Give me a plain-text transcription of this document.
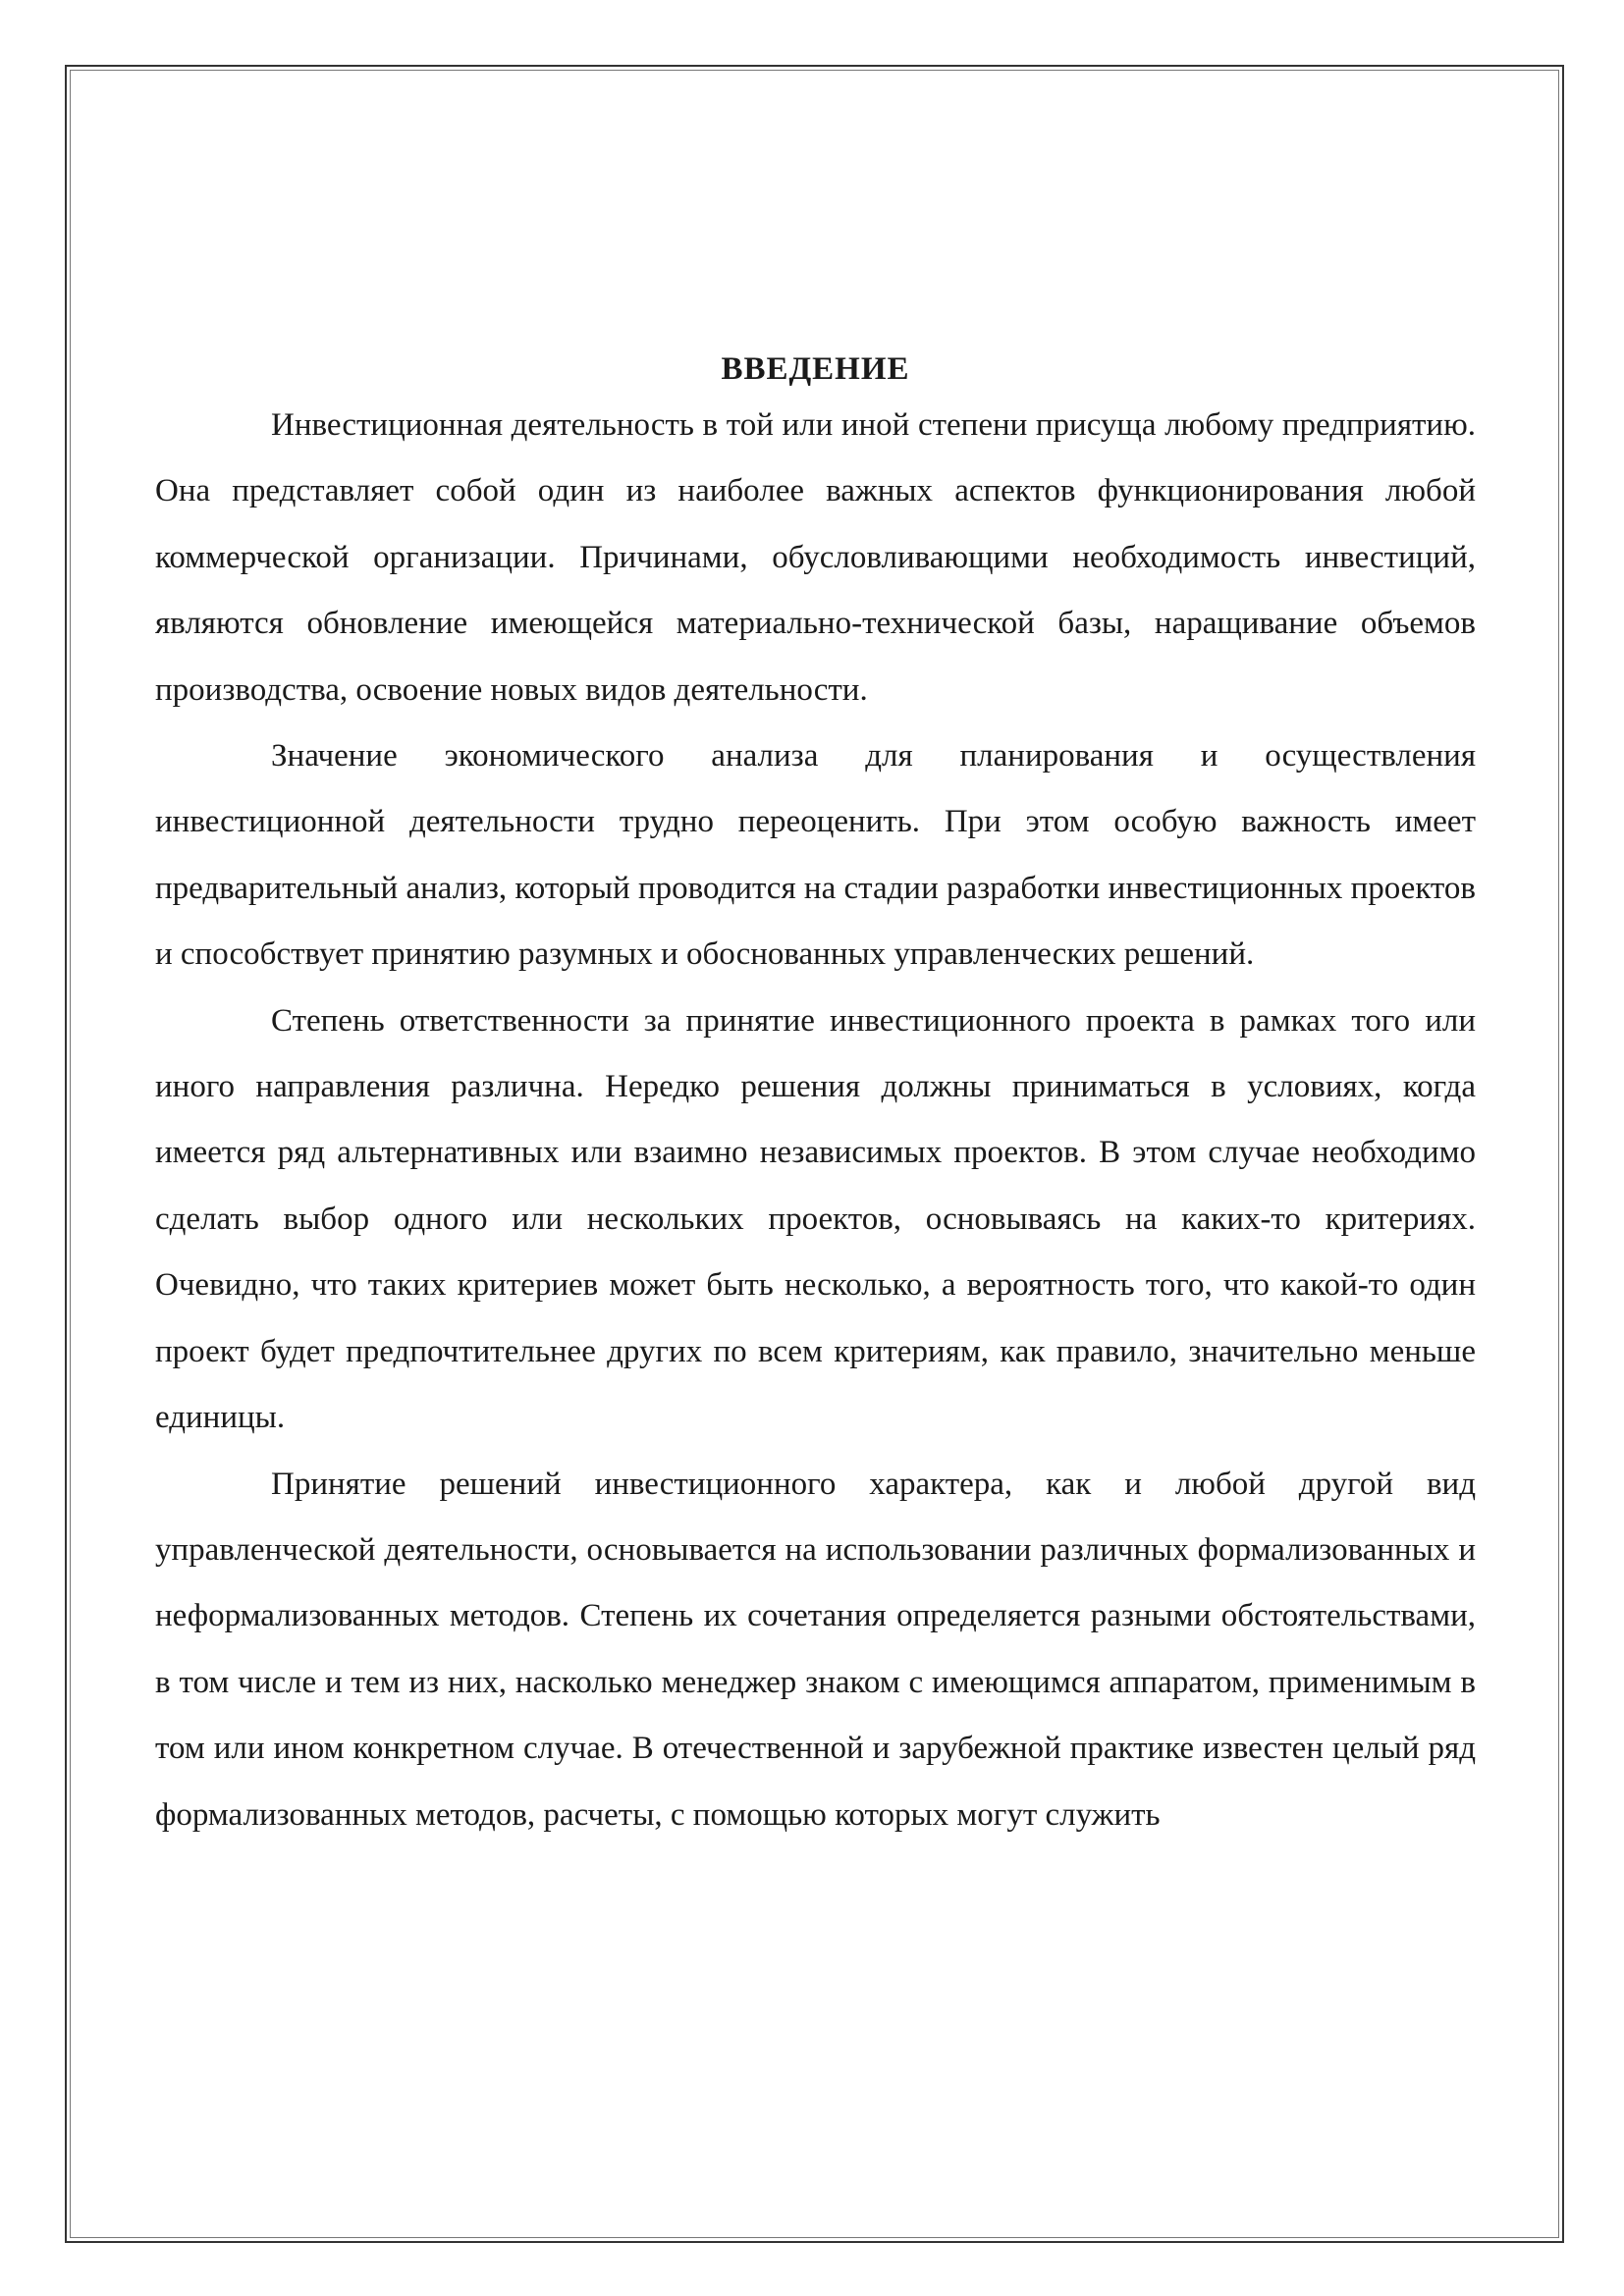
ВВЕДЕНИЕ

Инвестиционная деятельность в той или иной степени присуща любому предприятию. Она представляет собой один из наиболее важных аспектов функционирования любой коммерческой организации. Причинами, обусловливающими необходимость инвестиций, являются обновление имеющейся материально-технической базы, наращивание объемов производства, освоение новых видов деятельности.

Значение экономического анализа для планирования и осуществления инвестиционной деятельности трудно переоценить. При этом особую важность имеет предварительный анализ, который проводится на стадии разработки инвестиционных проектов и способствует принятию разумных и обоснованных управленческих решений.

Степень ответственности за принятие инвестиционного проекта в рамках того или иного направления различна. Нередко решения должны приниматься в условиях, когда имеется ряд альтернативных или взаимно независимых проектов. В этом случае необходимо сделать выбор одного или нескольких проектов, основываясь на каких-то критериях. Очевидно, что таких критериев может быть несколько, а вероятность того, что какой-то один проект будет предпочтительнее других по всем критериям, как правило, значительно меньше единицы.

Принятие решений инвестиционного характера, как и любой другой вид управленческой деятельности, основывается на использовании различных формализованных и неформализованных методов. Степень их сочетания определяется разными обстоятельствами, в том числе и тем из них, насколько менеджер знаком с имеющимся аппаратом, применимым в том или ином конкретном случае. В отечественной и зарубежной практике известен целый ряд формализованных методов, расчеты, с помощью которых могут служить
